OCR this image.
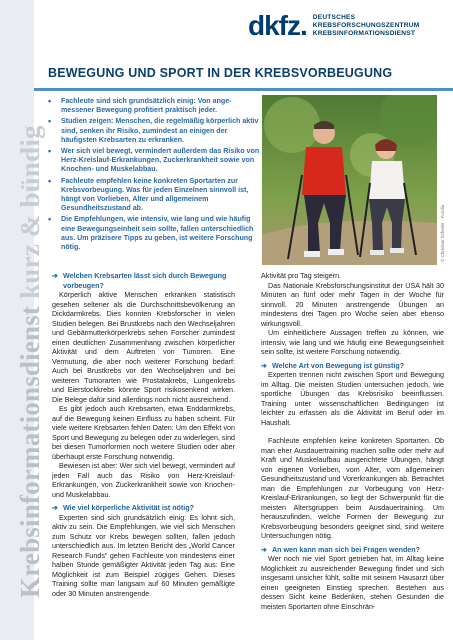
Krebsinformationsdienst kurz & bündig
dkfz. DEUTSCHES
KREBSFORSCHUNGSZENTRUM
KREBSINFORMATIONSDIENST
BEWEGUNG UND SPORT IN DER KREBSVORBEUGUNG
• Fachleute sind sich grundsätzlich einig: Von angemessener Bewegung profitiert praktisch jeder.
• Studien zeigen: Menschen, die regelmäßig körperlich aktiv sind, senken ihr Risiko, zumindest an einigen der häufigsten Krebsarten zu erkranken.
• Wer sich viel bewegt, vermindert außerdem das Risiko von Herz-Kreislauf-Erkrankungen, Zuckerkrankheit sowie von Knochen- und Muskelabbau.
• Fachleute empfehlen keine konkreten Sportarten zur Krebsvorbeugung. Was für jeden Einzelnen sinnvoll ist, hängt von Vorlieben, Alter und allgemeinem Gesundheitszustand ab.
• Die Empfehlungen, wie intensiv, wie lang und wie häufig eine Bewegungseinheit sein sollte, fallen unterschiedlich aus. Um präzisere Tipps zu geben, ist weitere Forschung nötig.	© Christian Schwier - Fotolia
➔ Welchen Krebsarten lässt sich durch Bewegung vorbeugen?

Körperlich aktive Menschen erkranken statistisch gesehen seltener als die Durchschnittsbevölkerung an Dickdarmkrebs. Dies konnten Krebsforscher in vielen Studien belegen. Bei Brustkrebs nach den Wechseljahren und Gebärmutterkörperkrebs sehen Forscher zumindest einen deutlichen Zusammenhang zwischen körperlicher Aktivität und dem Auftreten von Tumoren. Eine Vermutung, die aber noch weiterer Forschung bedarf: Auch bei Brustkrebs vor den Wechseljahren und bei weiteren Tumorarten wie Prostatakrebs, Lungenkrebs und Eierstockkrebs könnte Sport risikosenkend wirken. Die Belege dafür sind allerdings noch nicht ausreichend.

Es gibt jedoch auch Krebsarten, etwa Enddarmkrebs, auf die Bewegung keinen Einfluss zu haben scheint. Für viele weitere Krebsarten fehlen Daten: Um den Effekt von Sport und Bewegung zu belegen oder zu widerlegen, sind bei diesen Tumorformen noch weitere Studien oder aber überhaupt erste Forschung notwendig.

Bewiesen ist aber: Wer sich viel bewegt, vermindert auf jeden Fall auch das Risiko von Herz-Kreislauf-Erkrankungen, von Zuckerkrankheit sowie von Knochen- und Muskelabbau.

➔ Wie viel körperliche Aktivität ist nötig?

Experten sind sich grundsätzlich einig: Es lohnt sich, aktiv zu sein. Die Empfehlungen, wie viel sich Menschen zum Schutz vor Krebs bewegen sollten, fallen jedoch unterschiedlich aus. Im letzten Bericht des „World Cancer Research Funds“ gehen Fachleute von mindestens einer halben Stunde gemäßigter Aktivität jeden Tag aus: Eine Möglichkeit ist zum Beispiel zügiges Gehen. Dieses Training sollte man langsam auf 60 Minuten gemäßigte oder 30 Minuten anstrengende

Aktivität pro Tag steigern.

Das Nationale Krebsforschungsinstitut der USA hält 30 Minuten an fünf oder mehr Tagen in der Woche für sinnvoll. 20 Minuten anstrengende Übungen an mindestens drei Tagen pro Woche seien aber ebenso wirkungsvoll.

Um einheitlichere Aussagen treffen zu können, wie intensiv, wie lang und wie häufig eine Bewegungseinheit sein sollte, ist weitere Forschung notwendig.

➔ Welche Art von Bewegung ist günstig?

Experten trennen nicht zwischen Sport und Bewegung im Alltag. Die meisten Studien untersuchen jedoch, wie sportliche Übungen das Krebsrisiko beeinflussen. Training unter wissenschaftlichen Bedingungen ist leichter zu erfassen als die Aktivität im Beruf oder im Haushalt.

Fachleute empfehlen keine konkreten Sportarten. Ob man eher Ausdauertraining machen sollte oder mehr auf Kraft und Muskelaufbau ausgerichtete Übungen, hängt von eigenen Vorlieben, vom Alter, vom allgemeinen Gesundheitszustand und Vorerkrankungen ab. Betrachtet man die Empfehlungen zur Vorbeugung von Herz-Kreislauf-Erkrankungen, so liegt der Schwerpunkt für die meisten Altersgruppen beim Ausdauertraining. Um herauszufinden, welche Formen der Bewegung zur Krebsvorbeugung besonders geeignet sind, sind weitere Untersuchungen nötig.

➔ An wen kann man sich bei Fragen wenden?

Wer noch nie viel Sport getrieben hat, im Alltag keine Möglichkeit zu ausreichender Bewegung findet und sich insgesamt unsicher fühlt, sollte mit seinem Hausarzt über einen geeigneten Einstieg sprechen. Bestehen aus dessen Sicht keine Bedenken, stehen Gesunden die meisten Sportarten ohne Einschrän-
